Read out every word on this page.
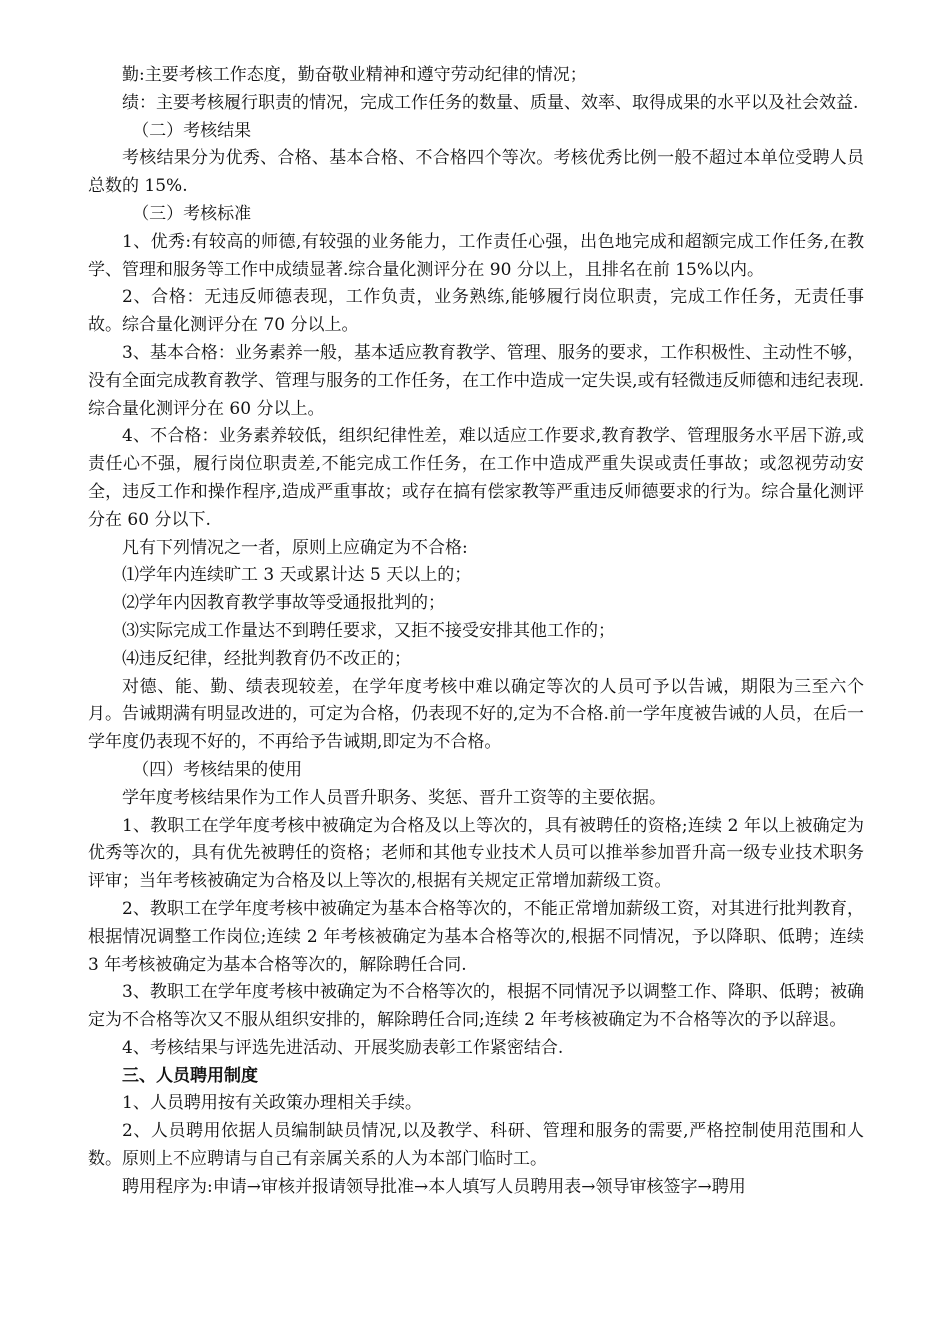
勤:主要考核工作态度，勤奋敬业精神和遵守劳动纪律的情况；

绩：主要考核履行职责的情况，完成工作任务的数量、质量、效率、取得成果的水平以及社会效益.

（二）考核结果

考核结果分为优秀、合格、基本合格、不合格四个等次。考核优秀比例一般不超过本单位受聘人员总数的 15%.

（三）考核标准

1、优秀:有较高的师德,有较强的业务能力，工作责任心强，出色地完成和超额完成工作任务,在教学、管理和服务等工作中成绩显著.综合量化测评分在 90 分以上，且排名在前 15%以内。

2、合格：无违反师德表现，工作负责，业务熟练,能够履行岗位职责，完成工作任务，无责任事故。综合量化测评分在 70 分以上。

3、基本合格：业务素养一般，基本适应教育教学、管理、服务的要求，工作积极性、主动性不够，没有全面完成教育教学、管理与服务的工作任务，在工作中造成一定失误,或有轻微违反师德和违纪表现.综合量化测评分在 60 分以上。

4、不合格：业务素养较低，组织纪律性差，难以适应工作要求,教育教学、管理服务水平居下游,或责任心不强，履行岗位职责差,不能完成工作任务，在工作中造成严重失误或责任事故；或忽视劳动安全，违反工作和操作程序,造成严重事故；或存在搞有偿家教等严重违反师德要求的行为。综合量化测评分在 60 分以下.

凡有下列情况之一者，原则上应确定为不合格:

⑴学年内连续旷工 3 天或累计达 5 天以上的；

⑵学年内因教育教学事故等受通报批判的；

⑶实际完成工作量达不到聘任要求，又拒不接受安排其他工作的；

⑷违反纪律，经批判教育仍不改正的；

对德、能、勤、绩表现较差，在学年度考核中难以确定等次的人员可予以告诫，期限为三至六个月。告诫期满有明显改进的，可定为合格，仍表现不好的,定为不合格.前一学年度被告诫的人员，在后一学年度仍表现不好的，不再给予告诫期,即定为不合格。

（四）考核结果的使用

学年度考核结果作为工作人员晋升职务、奖惩、晋升工资等的主要依据。

1、教职工在学年度考核中被确定为合格及以上等次的，具有被聘任的资格;连续 2 年以上被确定为优秀等次的，具有优先被聘任的资格；老师和其他专业技术人员可以推举参加晋升高一级专业技术职务评审；当年考核被确定为合格及以上等次的,根据有关规定正常增加薪级工资。

2、教职工在学年度考核中被确定为基本合格等次的，不能正常增加薪级工资，对其进行批判教育，根据情况调整工作岗位;连续 2 年考核被确定为基本合格等次的,根据不同情况，予以降职、低聘；连续 3 年考核被确定为基本合格等次的，解除聘任合同.

3、教职工在学年度考核中被确定为不合格等次的，根据不同情况予以调整工作、降职、低聘；被确定为不合格等次又不服从组织安排的，解除聘任合同;连续 2 年考核被确定为不合格等次的予以辞退。

4、考核结果与评选先进活动、开展奖励表彰工作紧密结合.

三、人员聘用制度

1、人员聘用按有关政策办理相关手续。

2、人员聘用依据人员编制缺员情况,以及教学、科研、管理和服务的需要,严格控制使用范围和人数。原则上不应聘请与自己有亲属关系的人为本部门临时工。

聘用程序为:申请→审核并报请领导批准→本人填写人员聘用表→领导审核签字→聘用
